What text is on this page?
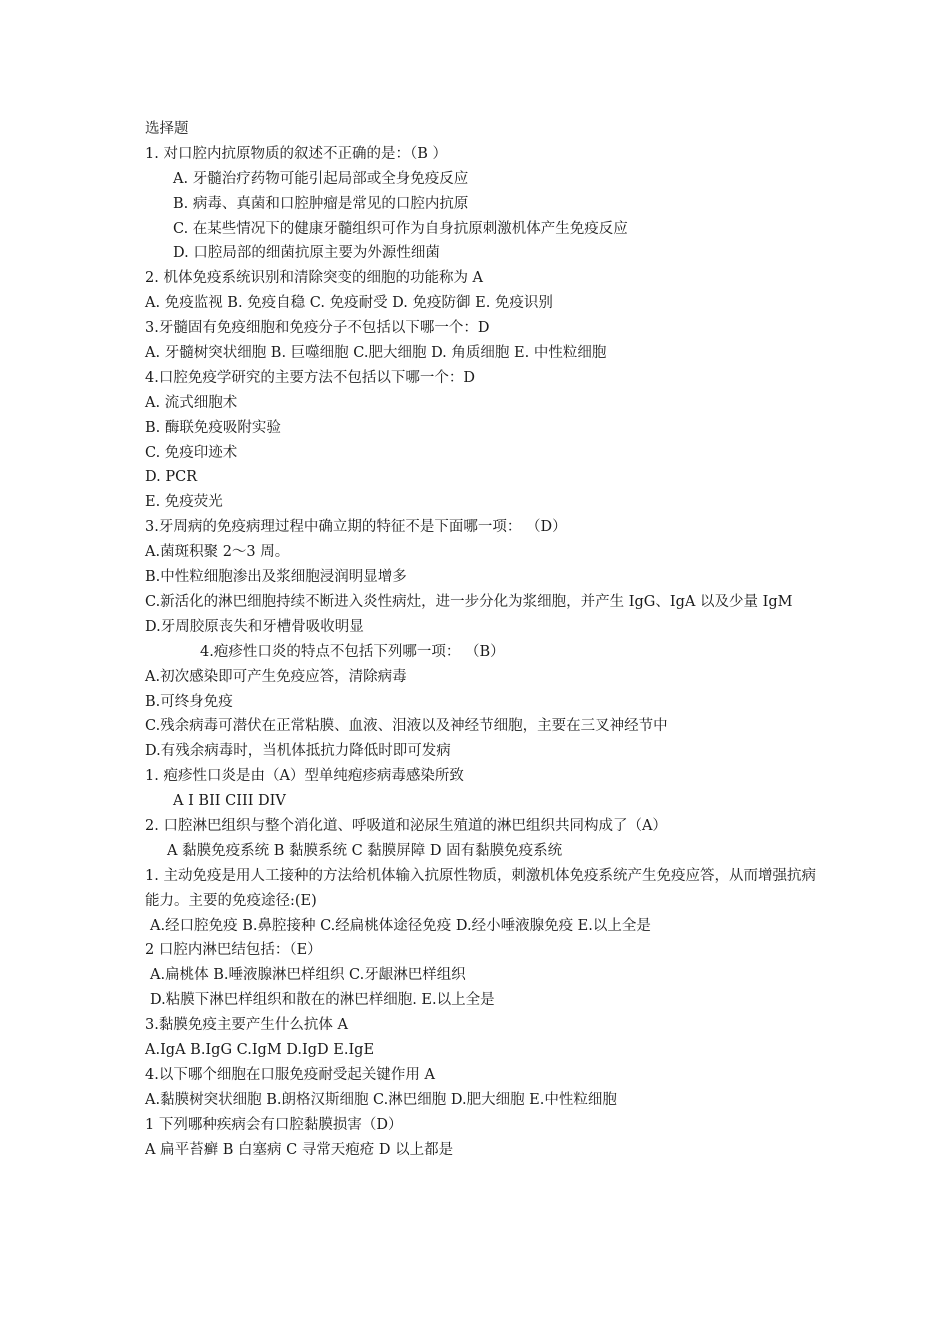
选择题
1. 对口腔内抗原物质的叙述不正确的是：（B ）
A. 牙髓治疗药物可能引起局部或全身免疫反应
B. 病毒、真菌和口腔肿瘤是常见的口腔内抗原
C. 在某些情况下的健康牙髓组织可作为自身抗原刺激机体产生免疫反应
D. 口腔局部的细菌抗原主要为外源性细菌
2. 机体免疫系统识别和清除突变的细胞的功能称为 A
A. 免疫监视 B. 免疫自稳 C. 免疫耐受 D. 免疫防御 E. 免疫识别
3.牙髓固有免疫细胞和免疫分子不包括以下哪一个：D
A. 牙髓树突状细胞 B. 巨噬细胞 C.肥大细胞 D. 角质细胞 E. 中性粒细胞
4.口腔免疫学研究的主要方法不包括以下哪一个：D
A. 流式细胞术
B. 酶联免疫吸附实验
C. 免疫印迹术
D. PCR
E. 免疫荧光
3.牙周病的免疫病理过程中确立期的特征不是下面哪一项： （D）
A.菌斑积聚 2～3 周。
B.中性粒细胞渗出及浆细胞浸润明显增多
C.新活化的淋巴细胞持续不断进入炎性病灶，进一步分化为浆细胞，并产生 IgG、IgA 以及少量 IgM
D.牙周胶原丧失和牙槽骨吸收明显
4.疱疹性口炎的特点不包括下列哪一项： （B）
A.初次感染即可产生免疫应答，清除病毒
B.可终身免疫
C.残余病毒可潜伏在正常粘膜、血液、泪液以及神经节细胞，主要在三叉神经节中
D.有残余病毒时，当机体抵抗力降低时即可发病
1. 疱疹性口炎是由（A）型单纯疱疹病毒感染所致
A I BII CIII DIV
2. 口腔淋巴组织与整个消化道、呼吸道和泌尿生殖道的淋巴组织共同构成了（A）
A 黏膜免疫系统 B 黏膜系统 C 黏膜屏障 D 固有黏膜免疫系统
1. 主动免疫是用人工接种的方法给机体输入抗原性物质，刺激机体免疫系统产生免疫应答，从而增强抗病能力。主要的免疫途径:(E)
A.经口腔免疫 B.鼻腔接种 C.经扁桃体途径免疫 D.经小唾液腺免疫 E.以上全是
2 口腔内淋巴结包括：（E）
A.扁桃体 B.唾液腺淋巴样组织 C.牙龈淋巴样组织
D.粘膜下淋巴样组织和散在的淋巴样细胞. E.以上全是
3.黏膜免疫主要产生什么抗体 A
A.IgA B.IgG C.IgM D.IgD E.IgE
4.以下哪个细胞在口服免疫耐受起关键作用 A
A.黏膜树突状细胞 B.朗格汉斯细胞 C.淋巴细胞 D.肥大细胞 E.中性粒细胞
1 下列哪种疾病会有口腔黏膜损害（D）
A 扁平苔癣 B 白塞病 C 寻常天疱疮 D 以上都是
